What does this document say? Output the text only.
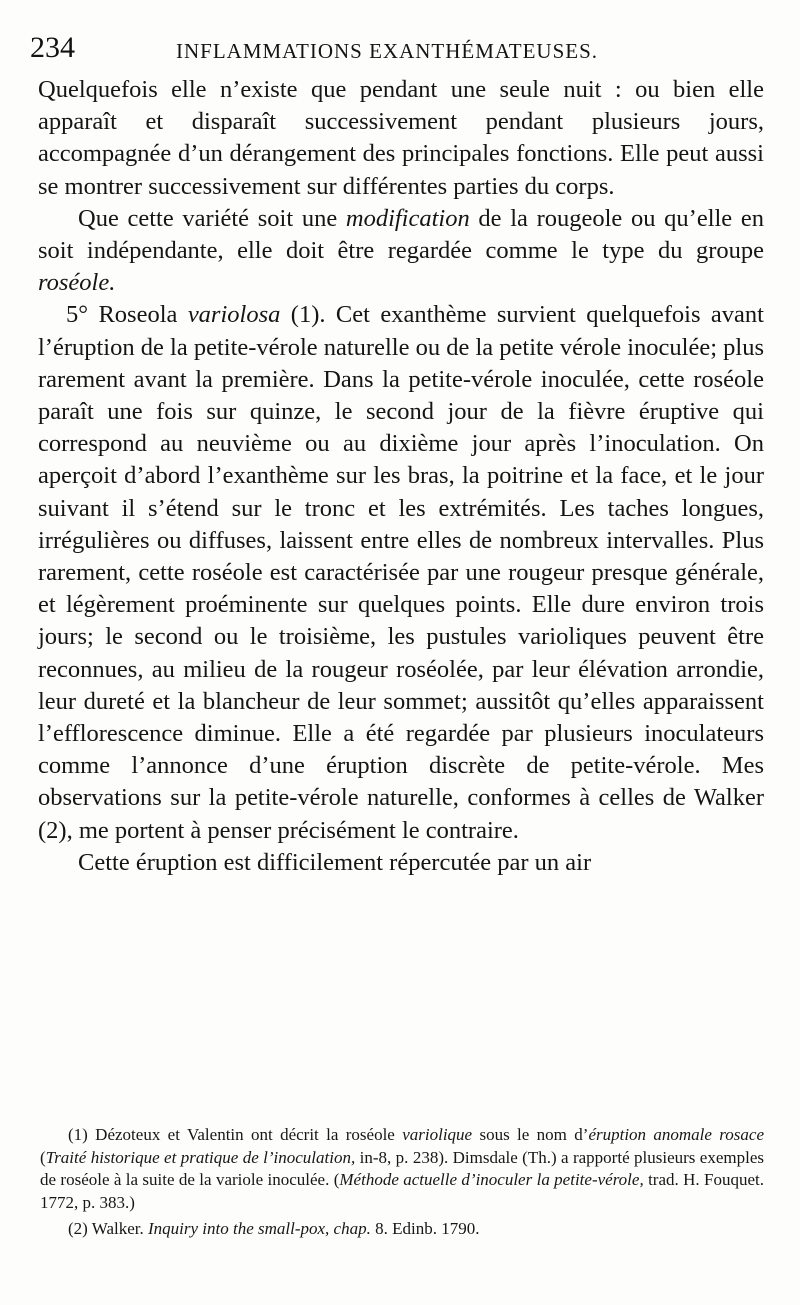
234	INFLAMMATIONS EXANTHÉMATEUSES.

Quelquefois elle n’existe que pendant une seule nuit : ou bien elle apparaît et disparaît successivement pendant plusieurs jours, accompagnée d’un dérangement des principales fonctions. Elle peut aussi se montrer successivement sur différentes parties du corps.

Que cette variété soit une modification de la rougeole ou qu’elle en soit indépendante, elle doit être regardée comme le type du groupe roséole.

5° Roseola variolosa (1). Cet exanthème survient quelquefois avant l’éruption de la petite-vérole naturelle ou de la petite vérole inoculée; plus rarement avant la première. Dans la petite-vérole inoculée, cette roséole paraît une fois sur quinze, le second jour de la fièvre éruptive qui correspond au neuvième ou au dixième jour après l’inoculation. On aperçoit d’abord l’exanthème sur les bras, la poitrine et la face, et le jour suivant il s’étend sur le tronc et les extrémités. Les taches longues, irrégulières ou diffuses, laissent entre elles de nombreux intervalles. Plus rarement, cette roséole est caractérisée par une rougeur presque générale, et légèrement proéminente sur quelques points. Elle dure environ trois jours; le second ou le troisième, les pustules varioliques peuvent être reconnues, au milieu de la rougeur roséolée, par leur élévation arrondie, leur dureté et la blancheur de leur sommet; aussitôt qu’elles apparaissent l’efflorescence diminue. Elle a été regardée par plusieurs inoculateurs comme l’annonce d’une éruption discrète de petite-vérole. Mes observations sur la petite-vérole naturelle, conformes à celles de Walker (2), me portent à penser précisément le contraire.

Cette éruption est difficilement répercutée par un air

(1) Dézoteux et Valentin ont décrit la roséole variolique sous le nom d’éruption anomale rosace (Traité historique et pratique de l’inoculation, in-8, p. 238). Dimsdale (Th.) a rapporté plusieurs exemples de roséole à la suite de la variole inoculée. (Méthode actuelle d’inoculer la petite-vérole, trad. H. Fouquet. 1772, p. 383.)

(2) Walker. Inquiry into the small-pox, chap. 8. Edinb. 1790.
